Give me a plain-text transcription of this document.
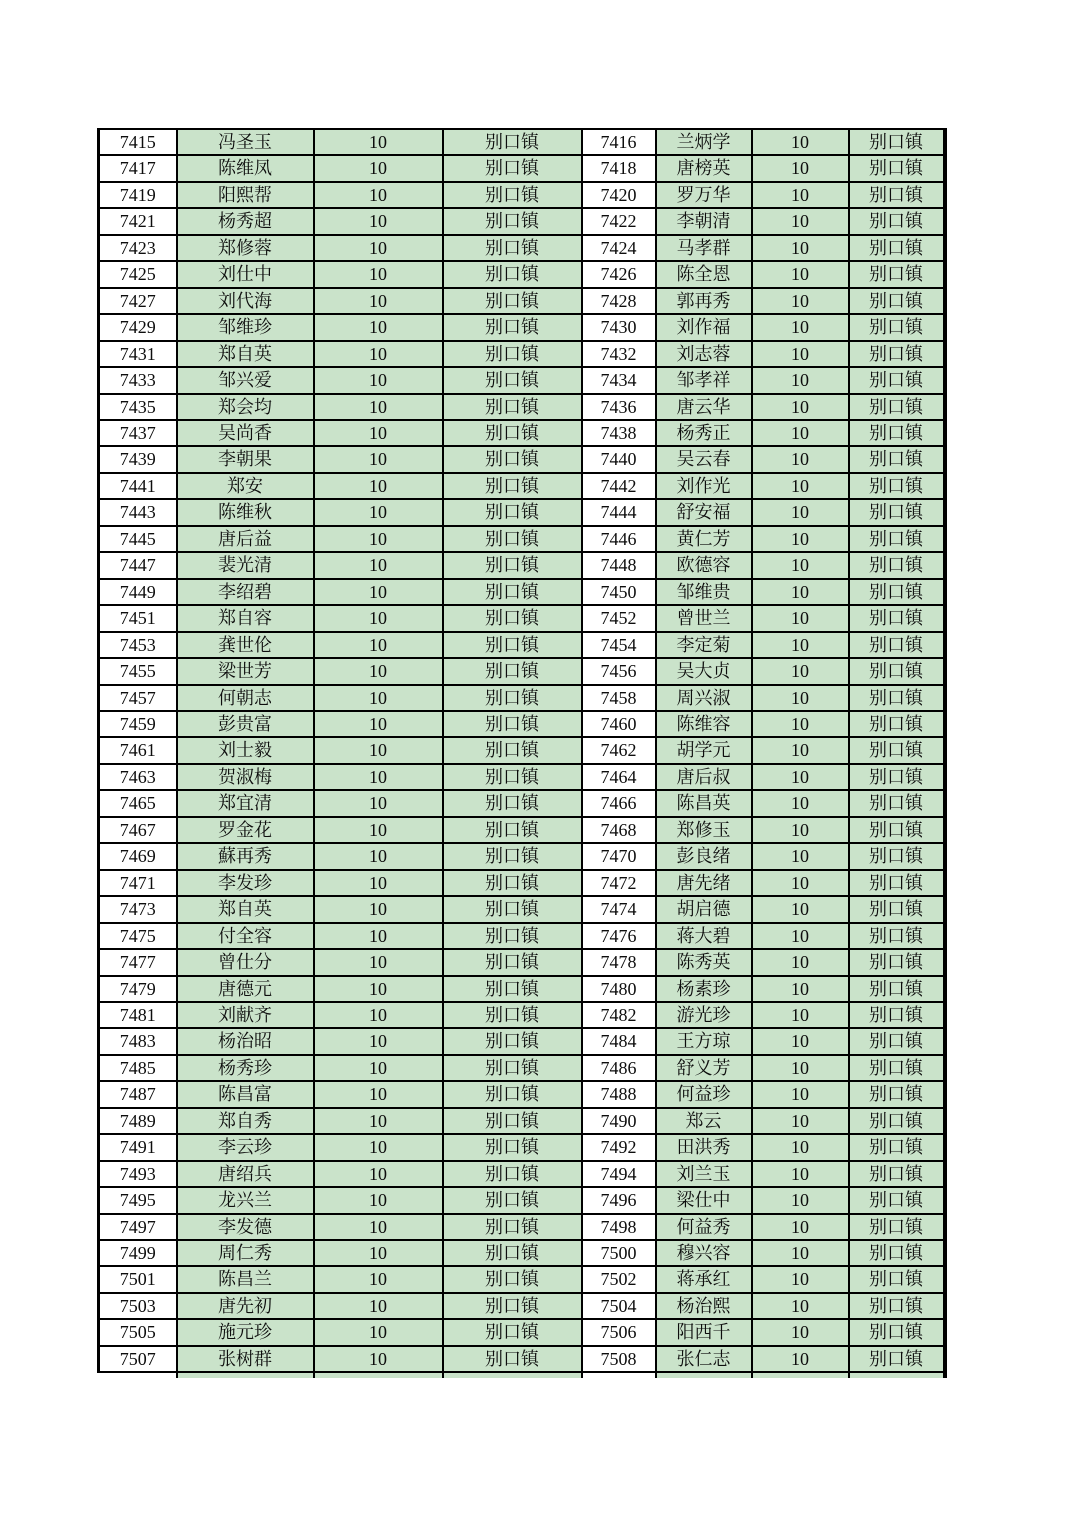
7415	冯圣玉	10	别口镇	7416	兰炳学	10	别口镇
7417	陈维凤	10	别口镇	7418	唐榜英	10	别口镇
7419	阳熙帮	10	别口镇	7420	罗万华	10	别口镇
7421	杨秀超	10	别口镇	7422	李朝清	10	别口镇
7423	郑修蓉	10	别口镇	7424	马孝群	10	别口镇
7425	刘仕中	10	别口镇	7426	陈全恩	10	别口镇
7427	刘代海	10	别口镇	7428	郭再秀	10	别口镇
7429	邹维珍	10	别口镇	7430	刘作福	10	别口镇
7431	郑自英	10	别口镇	7432	刘志蓉	10	别口镇
7433	邹兴爱	10	别口镇	7434	邹孝祥	10	别口镇
7435	郑会均	10	别口镇	7436	唐云华	10	别口镇
7437	吴尚香	10	别口镇	7438	杨秀正	10	别口镇
7439	李朝果	10	别口镇	7440	吴云春	10	别口镇
7441	郑安	10	别口镇	7442	刘作光	10	别口镇
7443	陈维秋	10	别口镇	7444	舒安福	10	别口镇
7445	唐后益	10	别口镇	7446	黄仁芳	10	别口镇
7447	裴光清	10	别口镇	7448	欧德容	10	别口镇
7449	李绍碧	10	别口镇	7450	邹维贵	10	别口镇
7451	郑自容	10	别口镇	7452	曾世兰	10	别口镇
7453	龚世伦	10	别口镇	7454	李定菊	10	别口镇
7455	梁世芳	10	别口镇	7456	吴大贞	10	别口镇
7457	何朝志	10	别口镇	7458	周兴淑	10	别口镇
7459	彭贵富	10	别口镇	7460	陈维容	10	别口镇
7461	刘士毅	10	别口镇	7462	胡学元	10	别口镇
7463	贺淑梅	10	别口镇	7464	唐后叔	10	别口镇
7465	郑宜清	10	别口镇	7466	陈昌英	10	别口镇
7467	罗金花	10	别口镇	7468	郑修玉	10	别口镇
7469	蘇再秀	10	别口镇	7470	彭良绪	10	别口镇
7471	李发珍	10	别口镇	7472	唐先绪	10	别口镇
7473	郑自英	10	别口镇	7474	胡启德	10	别口镇
7475	付全容	10	别口镇	7476	蒋大碧	10	别口镇
7477	曾仕分	10	别口镇	7478	陈秀英	10	别口镇
7479	唐德元	10	别口镇	7480	杨素珍	10	别口镇
7481	刘献齐	10	别口镇	7482	游光珍	10	别口镇
7483	杨治昭	10	别口镇	7484	王方琼	10	别口镇
7485	杨秀珍	10	别口镇	7486	舒义芳	10	别口镇
7487	陈昌富	10	别口镇	7488	何益珍	10	别口镇
7489	郑自秀	10	别口镇	7490	郑云	10	别口镇
7491	李云珍	10	别口镇	7492	田洪秀	10	别口镇
7493	唐绍兵	10	别口镇	7494	刘兰玉	10	别口镇
7495	龙兴兰	10	别口镇	7496	梁仕中	10	别口镇
7497	李发德	10	别口镇	7498	何益秀	10	别口镇
7499	周仁秀	10	别口镇	7500	穆兴容	10	别口镇
7501	陈昌兰	10	别口镇	7502	蒋承红	10	别口镇
7503	唐先初	10	别口镇	7504	杨治熙	10	别口镇
7505	施元珍	10	别口镇	7506	阳西千	10	别口镇
7507	张树群	10	别口镇	7508	张仁志	10	别口镇
